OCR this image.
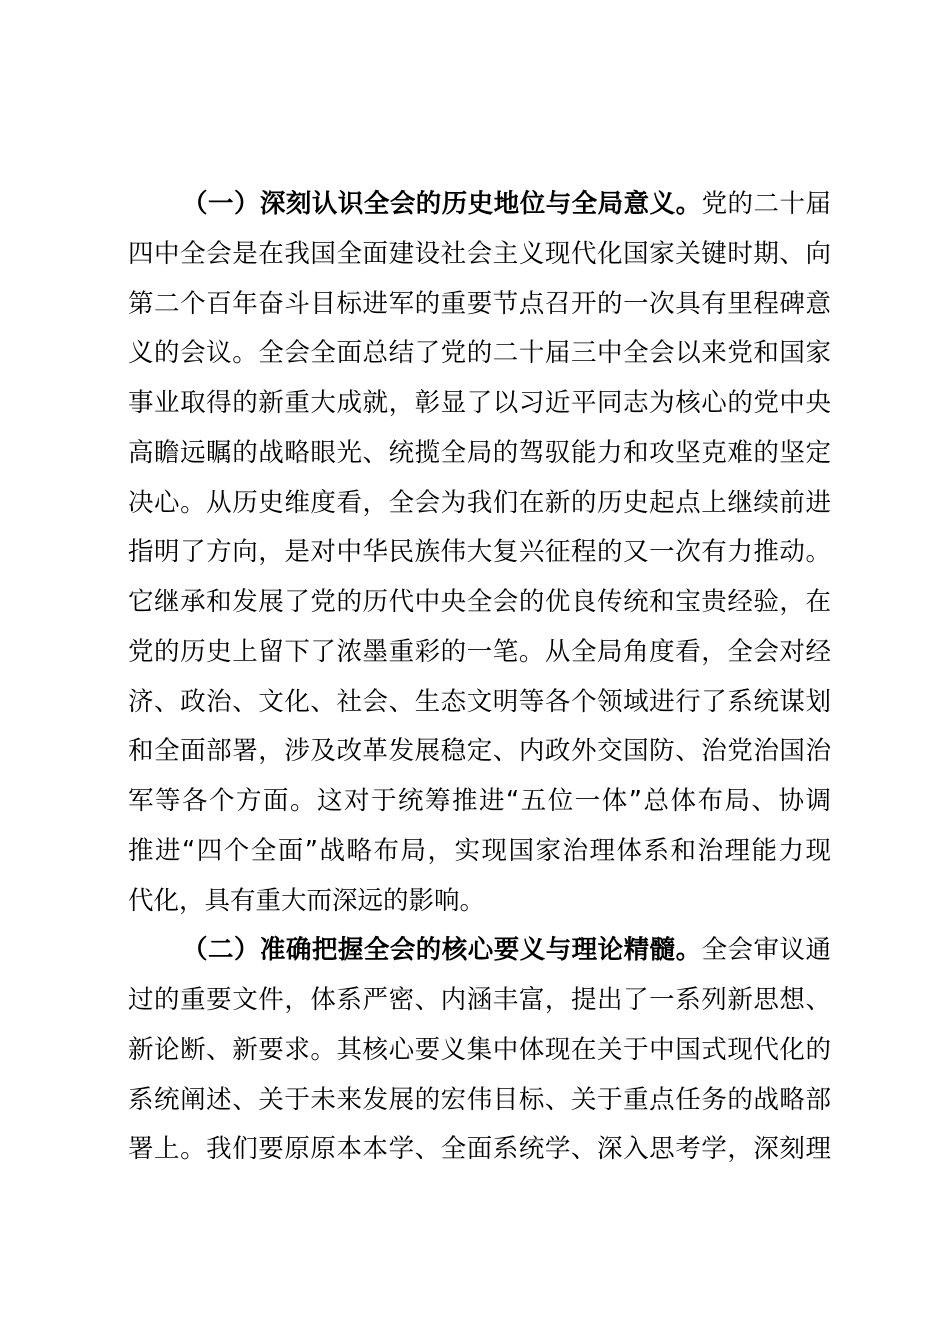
（一）深刻认识全会的历史地位与全局意义。党的二十届
四中全会是在我国全面建设社会主义现代化国家关键时期、向
第二个百年奋斗目标进军的重要节点召开的一次具有里程碑意
义的会议。全会全面总结了党的二十届三中全会以来党和国家
事业取得的新重大成就，彰显了以习近平同志为核心的党中央
高瞻远瞩的战略眼光、统揽全局的驾驭能力和攻坚克难的坚定
决心。从历史维度看，全会为我们在新的历史起点上继续前进
指明了方向，是对中华民族伟大复兴征程的又一次有力推动。
它继承和发展了党的历代中央全会的优良传统和宝贵经验，在
党的历史上留下了浓墨重彩的一笔。从全局角度看，全会对经
济、政治、文化、社会、生态文明等各个领域进行了系统谋划
和全面部署，涉及改革发展稳定、内政外交国防、治党治国治
军等各个方面。这对于统筹推进“五位一体”总体布局、协调
推进“四个全面”战略布局，实现国家治理体系和治理能力现
代化，具有重大而深远的影响。
（二）准确把握全会的核心要义与理论精髓。全会审议通
过的重要文件，体系严密、内涵丰富，提出了一系列新思想、
新论断、新要求。其核心要义集中体现在关于中国式现代化的
系统阐述、关于未来发展的宏伟目标、关于重点任务的战略部
署上。我们要原原本本学、全面系统学、深入思考学，深刻理
